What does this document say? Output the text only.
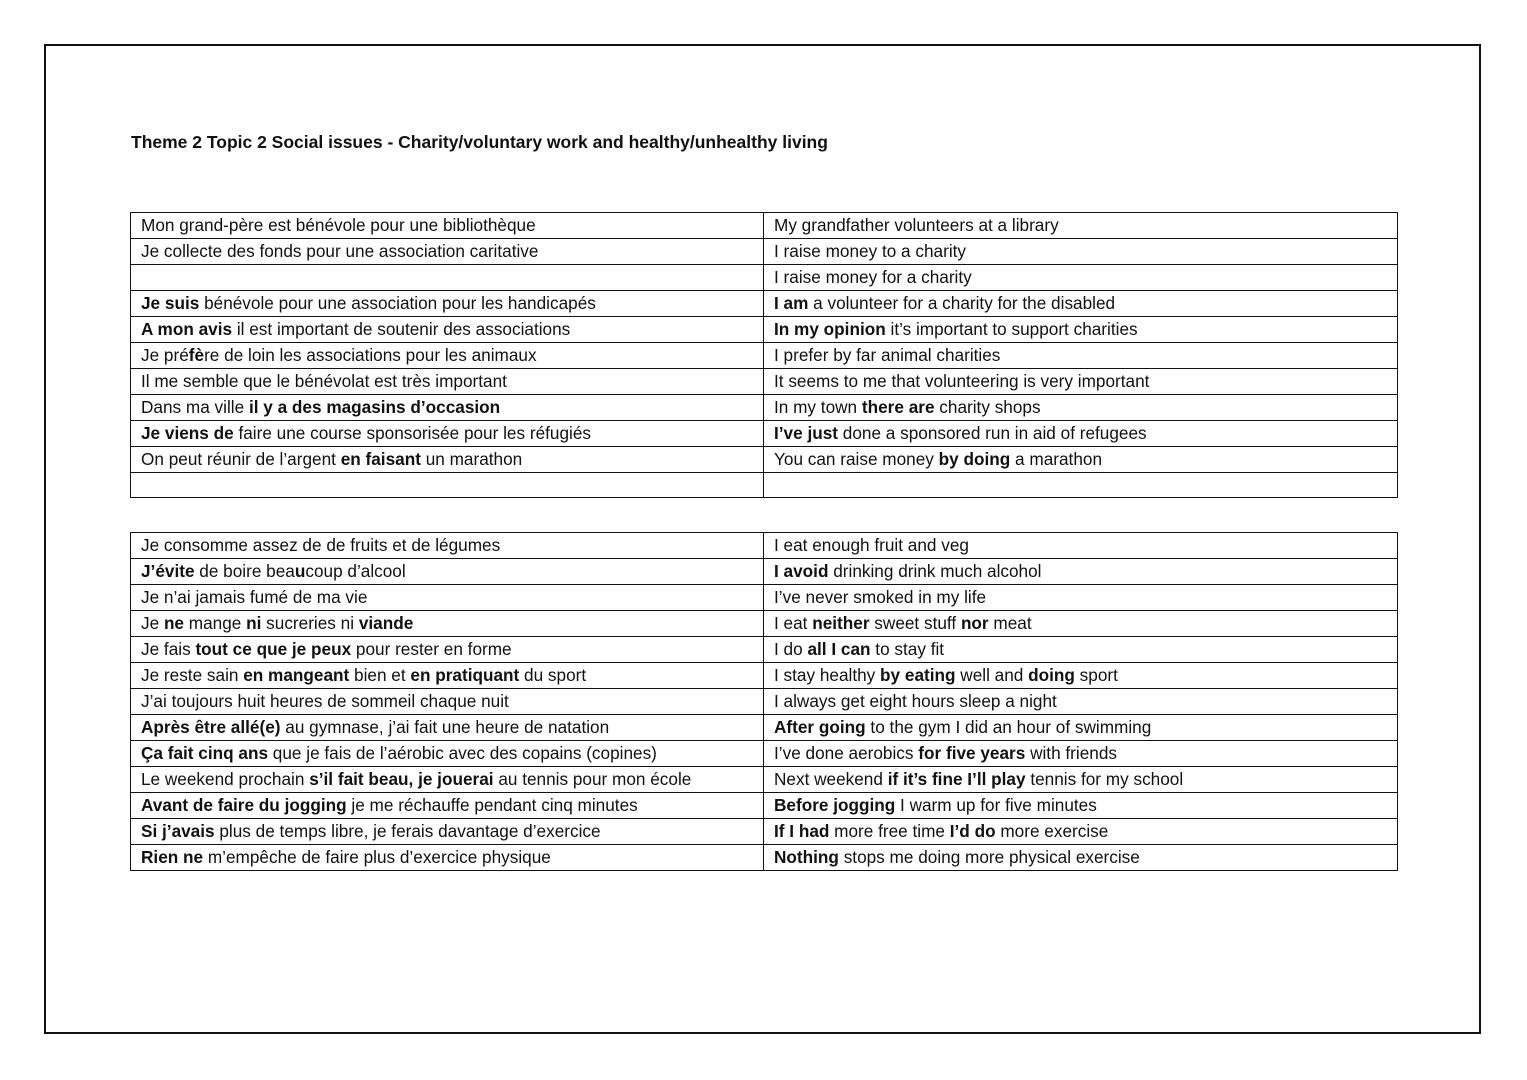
Theme 2 Topic 2 Social issues - Charity/voluntary work and healthy/unhealthy living
Mon grand-père est bénévole pour une bibliothèque	My grandfather volunteers at a library
Je collecte des fonds pour une association caritative	I raise money to a charity
	I raise money for a charity
Je suis bénévole pour une association pour les handicapés	I am a volunteer for a charity for the disabled
A mon avis il est important de soutenir des associations	In my opinion it’s important to support charities
Je préfère de loin les associations pour les animaux	I prefer by far animal charities
Il me semble que le bénévolat est très important	It seems to me that volunteering is very important
Dans ma ville il y a des magasins d’occasion	In my town there are charity shops
Je viens de faire une course sponsorisée pour les réfugiés	I’ve just done a sponsored run in aid of refugees
On peut réunir de l’argent en faisant un marathon	You can raise money by doing a marathon

Je consomme assez de de fruits et de légumes	I eat enough fruit and veg
J’évite de boire beaucoup d’alcool	I avoid drinking drink much alcohol
Je n’ai jamais fumé de ma vie	I’ve never smoked in my life
Je ne mange ni sucreries ni viande	I eat neither sweet stuff nor meat
Je fais tout ce que je peux pour rester en forme	I do all I can to stay fit
Je reste sain en mangeant bien et en pratiquant du sport	I stay healthy by eating well and doing sport
J’ai toujours huit heures de sommeil chaque nuit	I always get eight hours sleep a night
Après être allé(e) au gymnase, j’ai fait une heure de natation	After going to the gym I did an hour of swimming
Ça fait cinq ans que je fais de l’aérobic avec des copains (copines)	I’ve done aerobics for five years with friends
Le weekend prochain s’il fait beau, je jouerai au tennis pour mon école	Next weekend if it’s fine I’ll play tennis for my school
Avant de faire du jogging je me réchauffe pendant cinq minutes	Before jogging I warm up for five minutes
Si j’avais plus de temps libre, je ferais davantage d’exercice	If I had more free time I’d do more exercise
Rien ne m’empêche de faire plus d’exercice physique	Nothing stops me doing more physical exercise
